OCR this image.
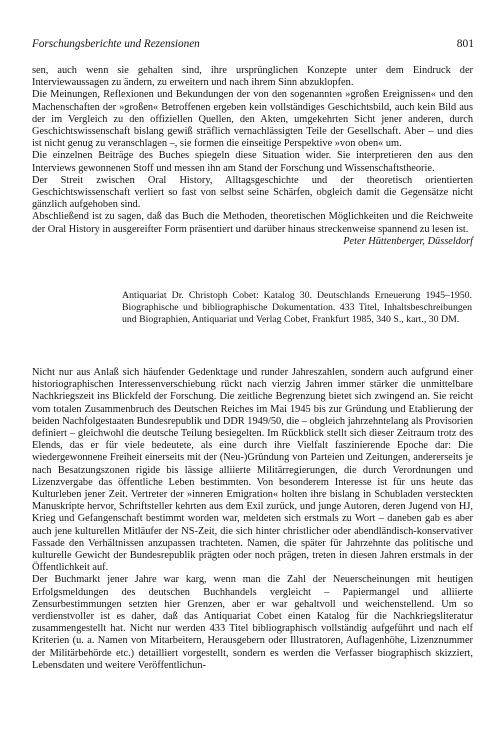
Forschungsberichte und Rezensionen	801

sen, auch wenn sie gehalten sind, ihre ursprünglichen Konzepte unter dem Eindruck der Interviewaussagen zu ändern, zu erweitern und nach ihrem Sinn abzuklopfen.

Die Meinungen, Reflexionen und Bekundungen der von den sogenannten »großen Ereignissen« und den Machenschaften der »großen« Betroffenen ergeben kein vollständiges Geschichtsbild, auch kein Bild aus der im Vergleich zu den offiziellen Quellen, den Akten, umgekehrten Sicht jener anderen, durch Geschichtswissenschaft bislang gewiß sträflich vernachlässigten Teile der Gesellschaft. Aber – und dies ist nicht genug zu veranschlagen –, sie formen die einseitige Perspektive »von oben« um.

Die einzelnen Beiträge des Buches spiegeln diese Situation wider. Sie interpretieren den aus den Interviews gewonnenen Stoff und messen ihn am Stand der Forschung und Wissenschaftstheorie.

Der Streit zwischen Oral History, Alltagsgeschichte und der theoretisch orientierten Geschichtswissenschaft verliert so fast von selbst seine Schärfen, obgleich damit die Gegensätze nicht gänzlich aufgehoben sind.

Abschließend ist zu sagen, daß das Buch die Methoden, theoretischen Möglichkeiten und die Reichweite der Oral History in ausgereifter Form präsentiert und darüber hinaus streckenweise spannend zu lesen ist.
Peter Hüttenberger, Düsseldorf

Antiquariat Dr. Christoph Cobet: Katalog 30. Deutschlands Erneuerung 1945–1950. Biographische und bibliographische Dokumentation. 433 Titel, Inhaltsbeschreibungen und Biographien, Antiquariat und Verlag Cobet, Frankfurt 1985, 340 S., kart., 30 DM.

Nicht nur aus Anlaß sich häufender Gedenktage und runder Jahreszahlen, sondern auch aufgrund einer historiographischen Interessenverschiebung rückt nach vierzig Jahren immer stärker die unmittelbare Nachkriegszeit ins Blickfeld der Forschung. Die zeitliche Begrenzung bietet sich zwingend an. Sie reicht vom totalen Zusammenbruch des Deutschen Reiches im Mai 1945 bis zur Gründung und Etablierung der beiden Nachfolgestaaten Bundesrepublik und DDR 1949/50, die – obgleich jahrzehntelang als Provisorien definiert – gleichwohl die deutsche Teilung besiegelten. Im Rückblick stellt sich dieser Zeitraum trotz des Elends, das er für viele bedeutete, als eine durch ihre Vielfalt faszinierende Epoche dar: Die wiedergewonnene Freiheit einerseits mit der (Neu-)Gründung von Parteien und Zeitungen, andererseits je nach Besatzungszonen rigide bis lässige alliierte Militärregierungen, die durch Verordnungen und Lizenzvergabe das öffentliche Leben bestimmten. Von besonderem Interesse ist für uns heute das Kulturleben jener Zeit. Vertreter der »inneren Emigration« holten ihre bislang in Schubladen versteckten Manuskripte hervor, Schriftsteller kehrten aus dem Exil zurück, und junge Autoren, deren Jugend von HJ, Krieg und Gefangenschaft bestimmt worden war, meldeten sich erstmals zu Wort – daneben gab es aber auch jene kulturellen Mitläufer der NS-Zeit, die sich hinter christlicher oder abendländisch-konservativer Fassade den Verhältnissen anzupassen trachteten. Namen, die später für Jahrzehnte das politische und kulturelle Gewicht der Bundesrepublik prägten oder noch prägen, treten in diesen Jahren erstmals in der Öffentlichkeit auf.

Der Buchmarkt jener Jahre war karg, wenn man die Zahl der Neuerscheinungen mit heutigen Erfolgsmeldungen des deutschen Buchhandels vergleicht – Papiermangel und alliierte Zensurbestimmungen setzten hier Grenzen, aber er war gehaltvoll und weichenstellend. Um so verdienstvoller ist es daher, daß das Antiquariat Cobet einen Katalog für die Nachkriegsliteratur zusammengestellt hat. Nicht nur werden 433 Titel bibliographisch vollständig aufgeführt und nach elf Kriterien (u. a. Namen von Mitarbeitern, Herausgebern oder Illustratoren, Auflagenhöhe, Lizenznummer der Militärbehörde etc.) detailliert vorgestellt, sondern es werden die Verfasser biographisch skizziert, Lebensdaten und weitere Veröffentlichun-
